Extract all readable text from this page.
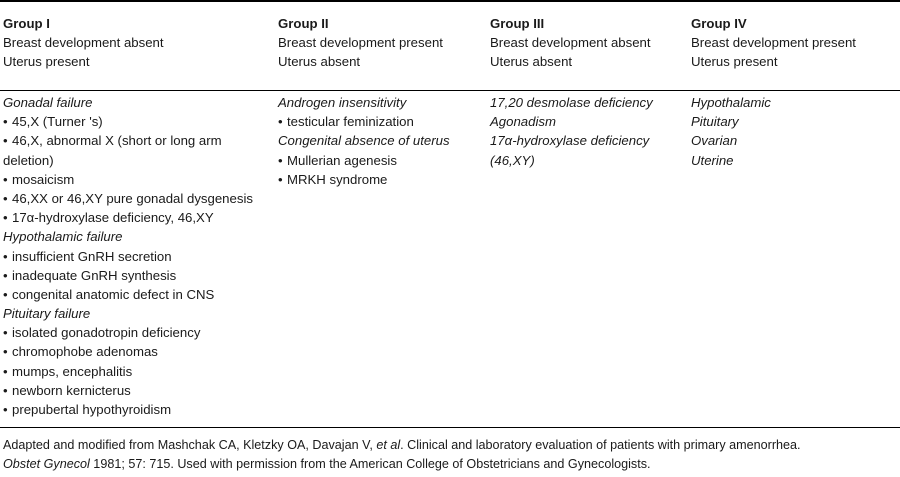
Group I
Breast development absent
Uterus present
Group II
Breast development present
Uterus absent
Group III
Breast development absent
Uterus absent
Group IV
Breast development present
Uterus present
Gonadal failure
• 45,X (Turner 's)
• 46,X, abnormal X (short or long arm
deletion)
• mosaicism
• 46,XX or 46,XY pure gonadal dysgenesis
• 17α-hydroxylase deficiency, 46,XY
Hypothalamic failure
• insufficient GnRH secretion
• inadequate GnRH synthesis
• congenital anatomic defect in CNS
Pituitary failure
• isolated gonadotropin deficiency
• chromophobe adenomas
• mumps, encephalitis
• newborn kernicterus
• prepubertal hypothyroidism
Androgen insensitivity
• testicular feminization
Congenital absence of uterus
• Mullerian agenesis
• MRKH syndrome
17,20 desmolase deficiency
Agonadism
17α-hydroxylase deficiency
(46,XY)
Hypothalamic
Pituitary
Ovarian
Uterine
Adapted and modified from Mashchak CA, Kletzky OA, Davajan V, et al. Clinical and laboratory evaluation of patients with primary amenorrhea.
Obstet Gynecol 1981; 57: 715. Used with permission from the American College of Obstetricians and Gynecologists.
